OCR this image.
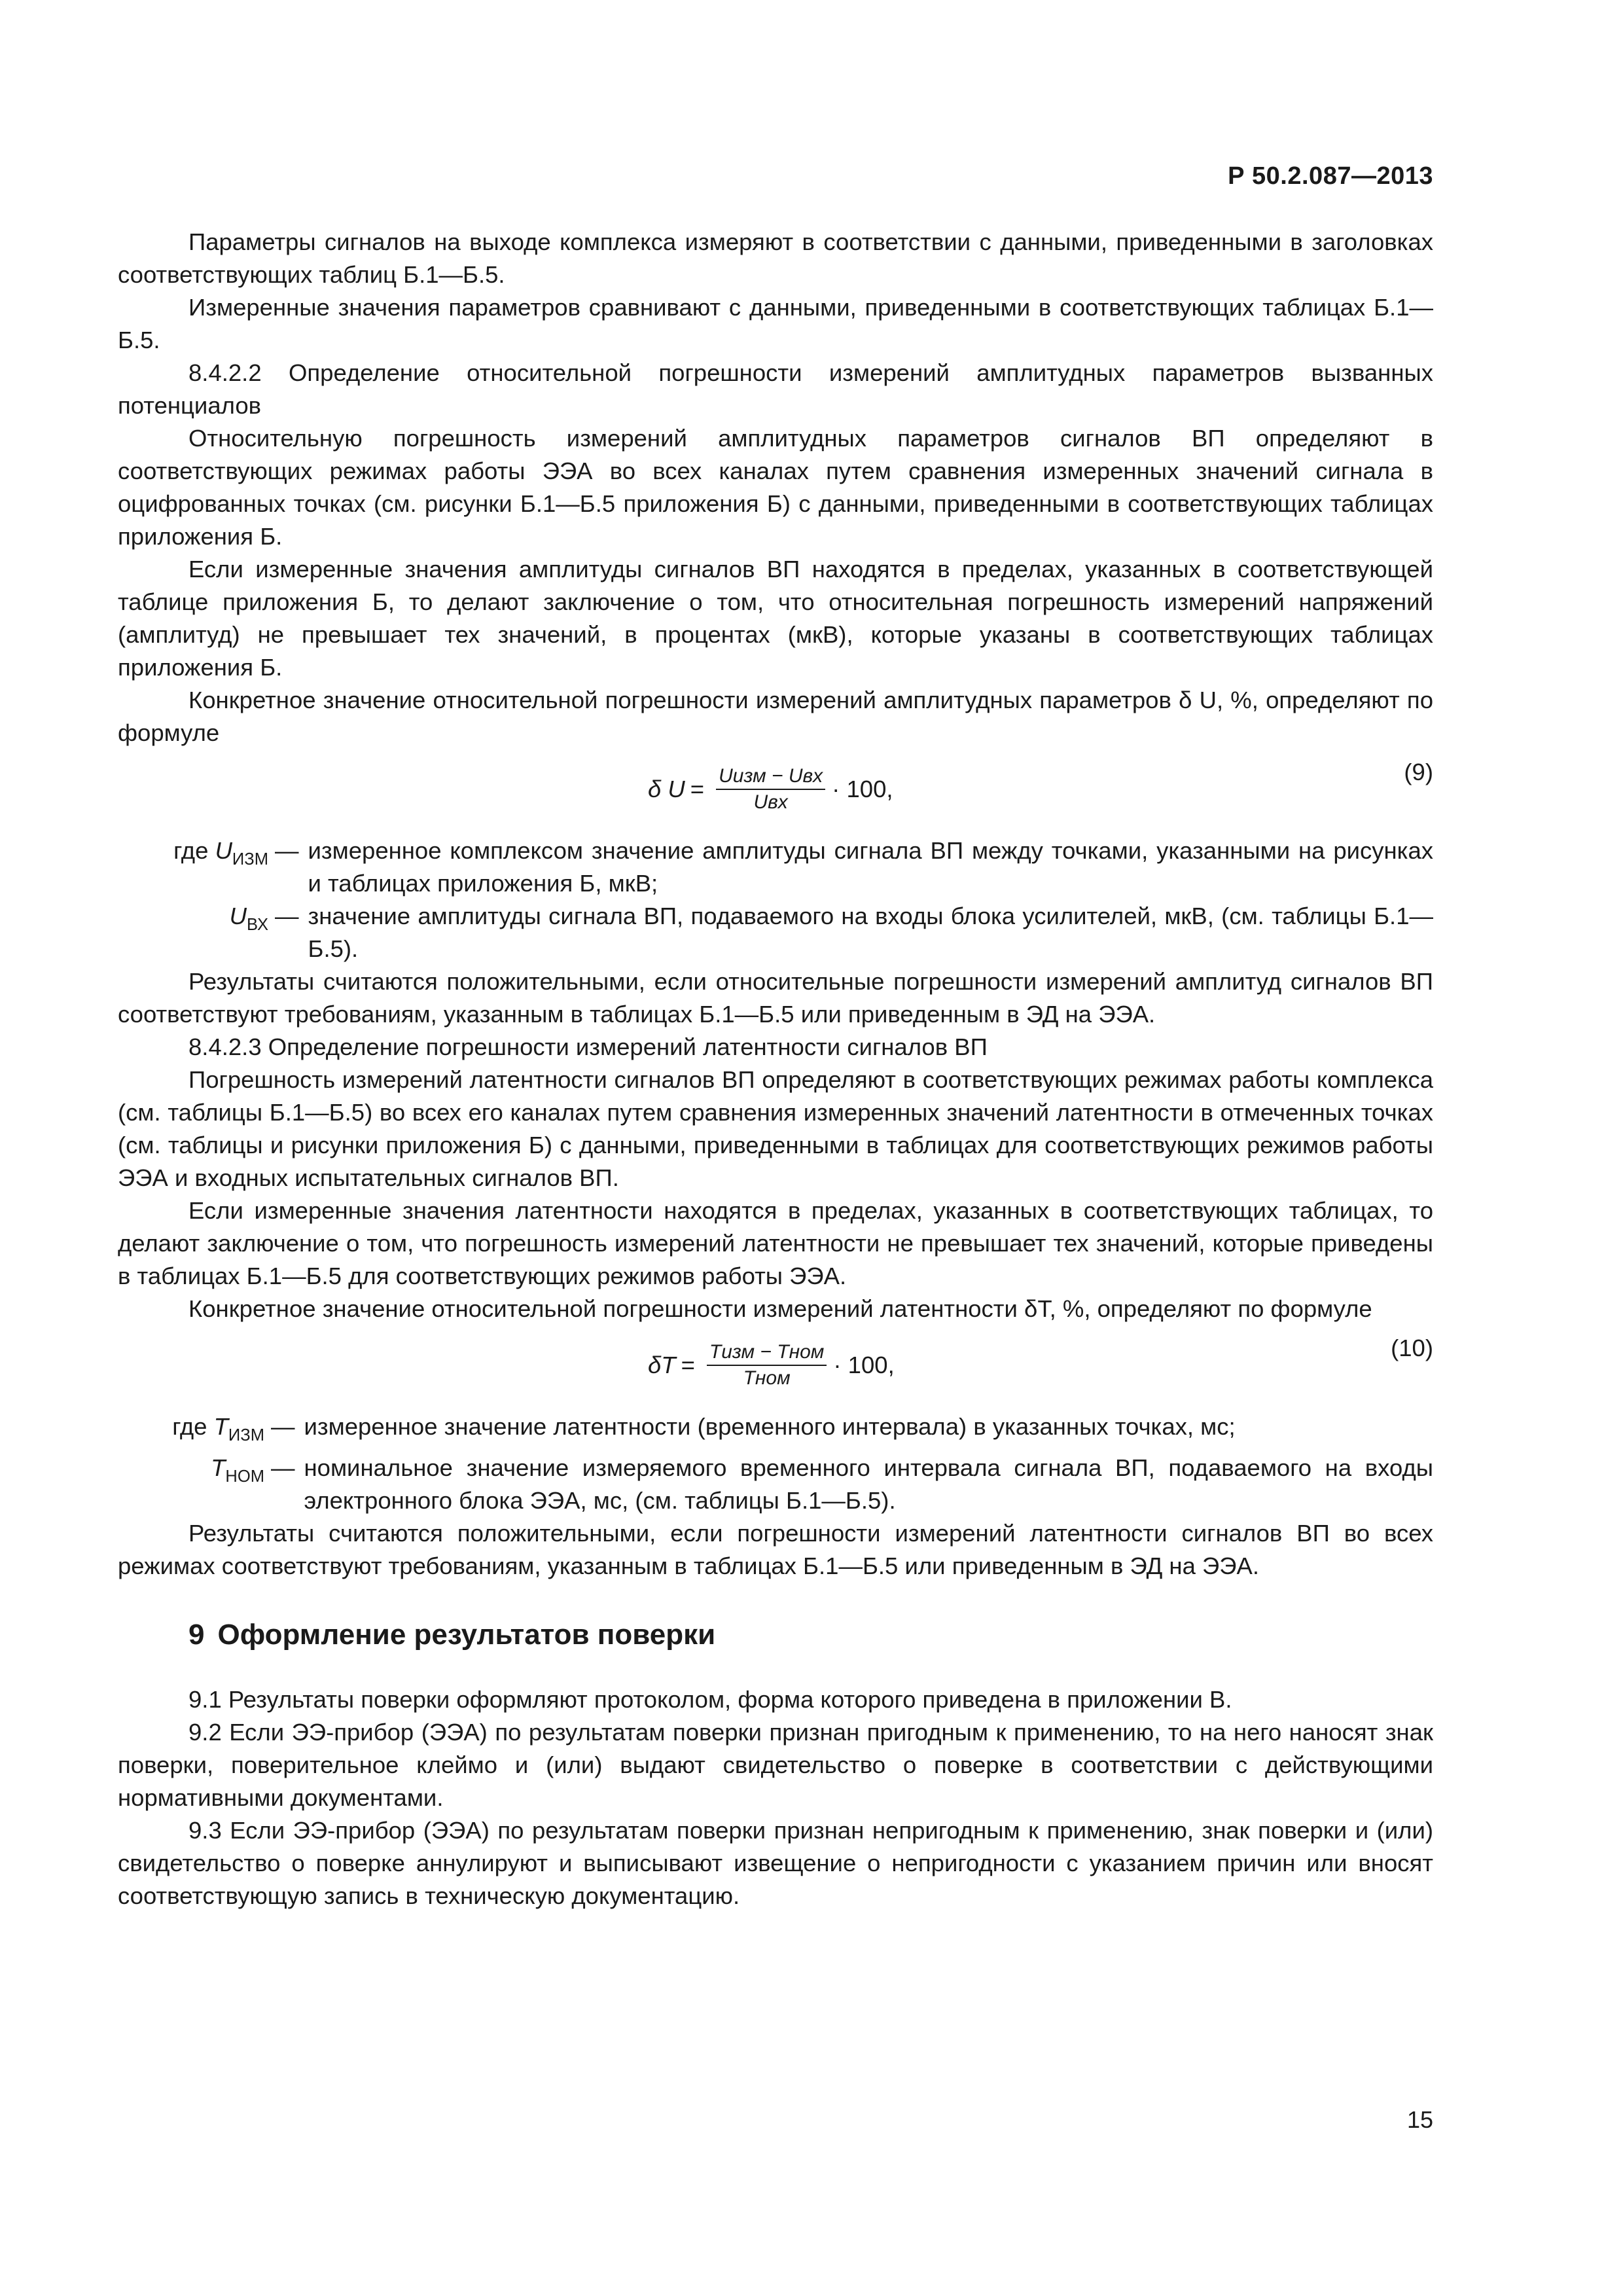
Р 50.2.087—2013

Параметры сигналов на выходе комплекса измеряют в соответствии с данными, приведенными в заголовках соответствующих таблиц Б.1—Б.5.

Измеренные значения параметров сравнивают с данными, приведенными в соответствующих таблицах Б.1—Б.5.

8.4.2.2 Определение относительной погрешности измерений амплитудных параметров вызванных потенциалов

Относительную погрешность измерений амплитудных параметров сигналов ВП определяют в соответствующих режимах работы ЭЭА во всех каналах путем сравнения измеренных значений сигнала в оцифрованных точках (см. рисунки Б.1—Б.5 приложения Б) с данными, приведенными в соответствующих таблицах приложения Б.

Если измеренные значения амплитуды сигналов ВП находятся в пределах, указанных в соответствующей таблице приложения Б, то делают заключение о том, что относительная погрешность измерений напряжений (амплитуд) не превышает тех значений, в процентах (мкВ), которые указаны в соответствующих таблицах приложения Б.

Конкретное значение относительной погрешности измерений амплитудных параметров δ U, %, определяют по формуле

δ $U = \frac{\text{Uизм − Uвх}}{\text{Uвх}} \cdot 100$,
(9)
где $U_{ИЗМ}$ — измеренное комплексом значение амплитуды сигнала ВП между точками, указанными на рисунках и таблицах приложения Б, мкВ;
$U_{ВХ}$ — значение амплитуды сигнала ВП, подаваемого на входы блока усилителей, мкВ, (см. таблицы Б.1—Б.5).

Результаты считаются положительными, если относительные погрешности измерений амплитуд сигналов ВП соответствуют требованиям, указанным в таблицах Б.1—Б.5 или приведенным в ЭД на ЭЭА.

8.4.2.3 Определение погрешности измерений латентности сигналов ВП

Погрешность измерений латентности сигналов ВП определяют в соответствующих режимах работы комплекса (см. таблицы Б.1—Б.5) во всех его каналах путем сравнения измеренных значений латентности в отмеченных точках (см. таблицы и рисунки приложения Б) с данными, приведенными в таблицах для соответствующих режимов работы ЭЭА и входных испытательных сигналов ВП.

Если измеренные значения латентности находятся в пределах, указанных в соответствующих таблицах, то делают заключение о том, что погрешность измерений латентности не превышает тех значений, которые приведены в таблицах Б.1—Б.5 для соответствующих режимов работы ЭЭА.

Конкретное значение относительной погрешности измерений латентности δT, %, определяют по формуле

$\delta T = \frac{\text{Tизм − Tном}}{\text{Tном}} \cdot 100$,
(10)
где $T_{ИЗМ}$ — измеренное значение латентности (временного интервала) в указанных точках, мс;
$T_{НОМ}$ — номинальное значение измеряемого временного интервала сигнала ВП, подаваемого на входы электронного блока ЭЭА, мс, (см. таблицы Б.1—Б.5).

Результаты считаются положительными, если погрешности измерений латентности сигналов ВП во всех режимах соответствуют требованиям, указанным в таблицах Б.1—Б.5 или приведенным в ЭД на ЭЭА.

9 Оформление результатов поверки

9.1 Результаты поверки оформляют протоколом, форма которого приведена в приложении В.

9.2 Если ЭЭ-прибор (ЭЭА) по результатам поверки признан пригодным к применению, то на него наносят знак поверки, поверительное клеймо и (или) выдают свидетельство о поверке в соответствии с действующими нормативными документами.

9.3 Если ЭЭ-прибор (ЭЭА) по результатам поверки признан непригодным к применению, знак поверки и (или) свидетельство о поверке аннулируют и выписывают извещение о непригодности с указанием причин или вносят соответствующую запись в техническую документацию.

15
